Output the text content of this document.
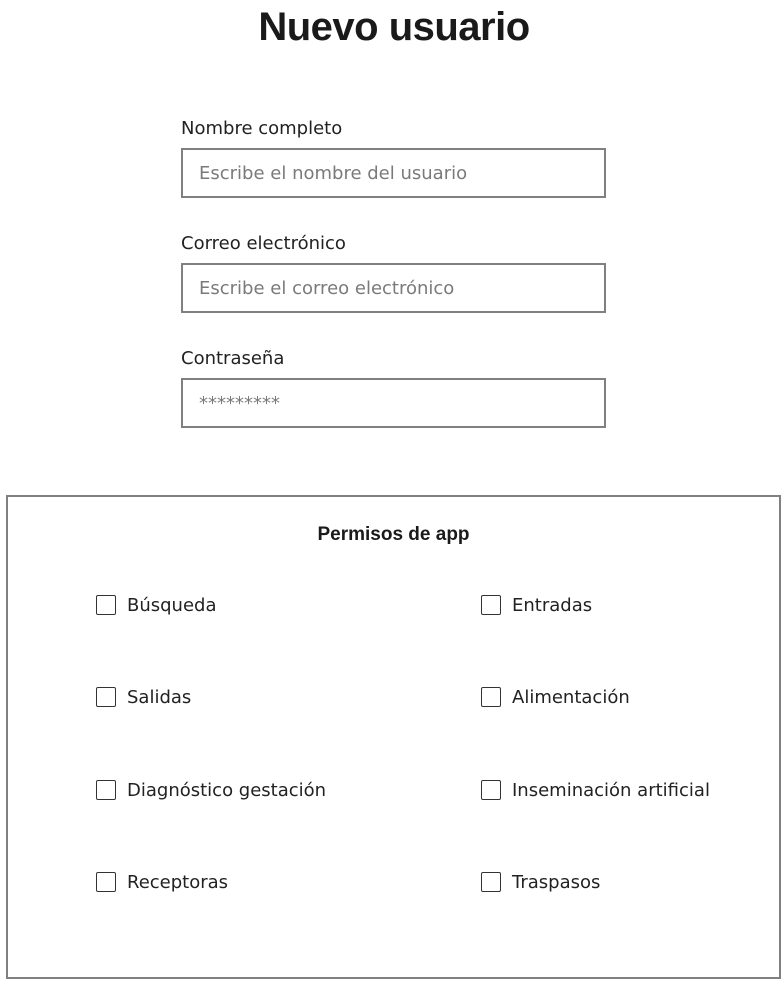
Nuevo usuario
Nombre completo
Escribe el nombre del usuario
Correo electrónico
Escribe el correo electrónico
Contraseña
*********
Permisos de app
Búsqueda	Entradas
Salidas	Alimentación
Diagnóstico gestación	Inseminación artificial
Receptoras	Traspasos
